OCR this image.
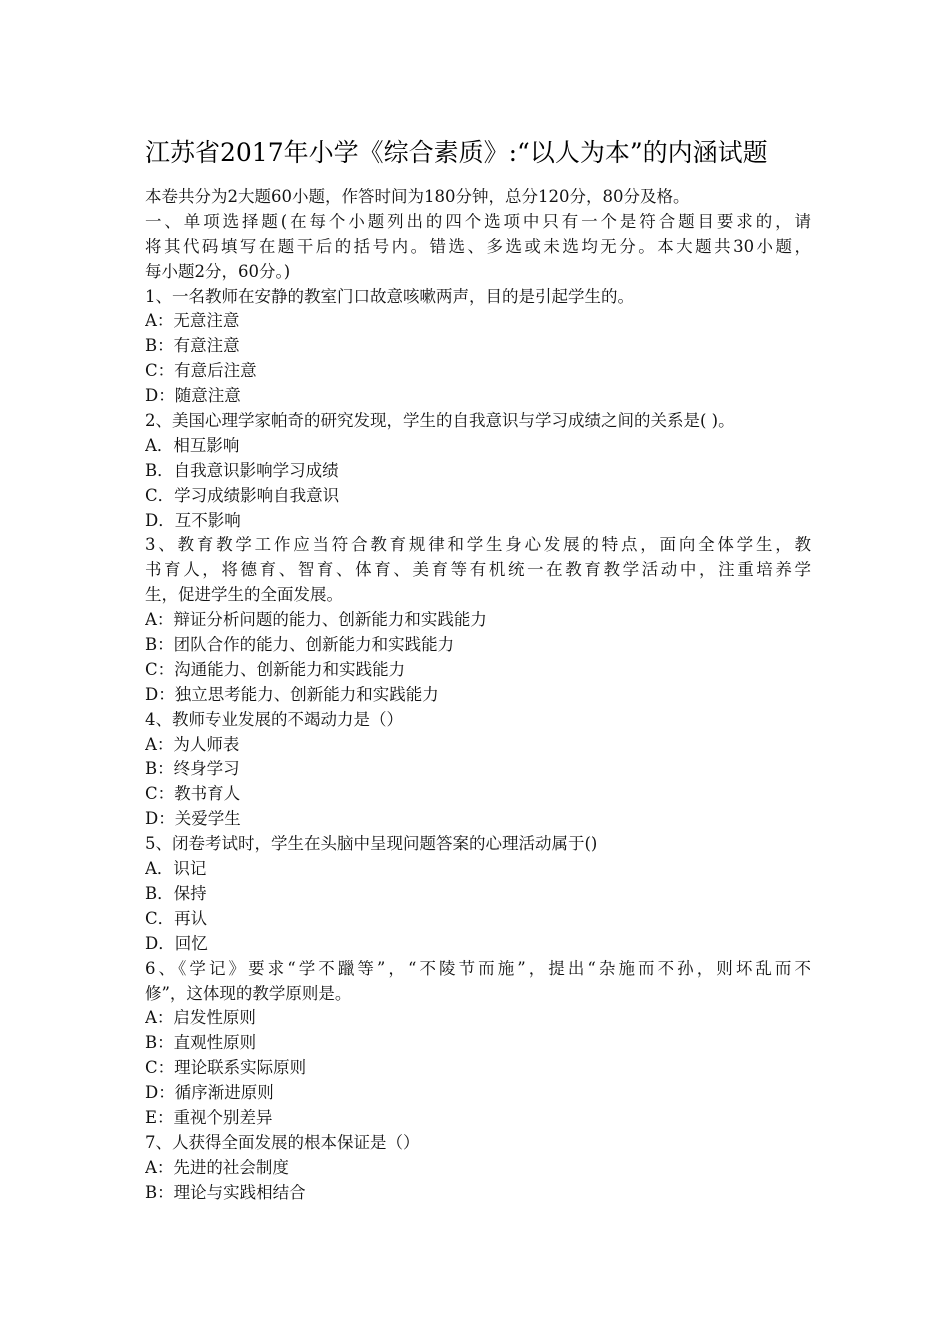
江苏省2017年小学《综合素质》:“以人为本”的内涵试题
本卷共分为2大题60小题，作答时间为180分钟，总分120分，80分及格。
一、单项选择题(在每个小题列出的四个选项中只有一个是符合题目要求的，请
将其代码填写在题干后的括号内。错选、多选或未选均无分。本大题共30小题，
每小题2分，60分。)
1、一名教师在安静的教室门口故意咳嗽两声，目的是引起学生的。
A：无意注意
B：有意注意
C：有意后注意
D：随意注意
2、美国心理学家帕奇的研究发现，学生的自我意识与学习成绩之间的关系是( )。
A．相互影响
B．自我意识影响学习成绩
C．学习成绩影响自我意识
D．互不影响
3、教育教学工作应当符合教育规律和学生身心发展的特点，面向全体学生，教
书育人，将德育、智育、体育、美育等有机统一在教育教学活动中，注重培养学
生，促进学生的全面发展。
A：辩证分析问题的能力、创新能力和实践能力
B：团队合作的能力、创新能力和实践能力
C：沟通能力、创新能力和实践能力
D：独立思考能力、创新能力和实践能力
4、教师专业发展的不竭动力是（）
A：为人师表
B：终身学习
C：教书育人
D：关爱学生
5、闭卷考试时，学生在头脑中呈现问题答案的心理活动属于()
A．识记
B．保持
C．再认
D．回忆
6、《学记》要求“学不躐等”，“不陵节而施”，提出“杂施而不孙，则坏乱而不
修”，这体现的教学原则是。
A：启发性原则
B：直观性原则
C：理论联系实际原则
D：循序渐进原则
E：重视个别差异
7、人获得全面发展的根本保证是（）
A：先进的社会制度
B：理论与实践相结合
